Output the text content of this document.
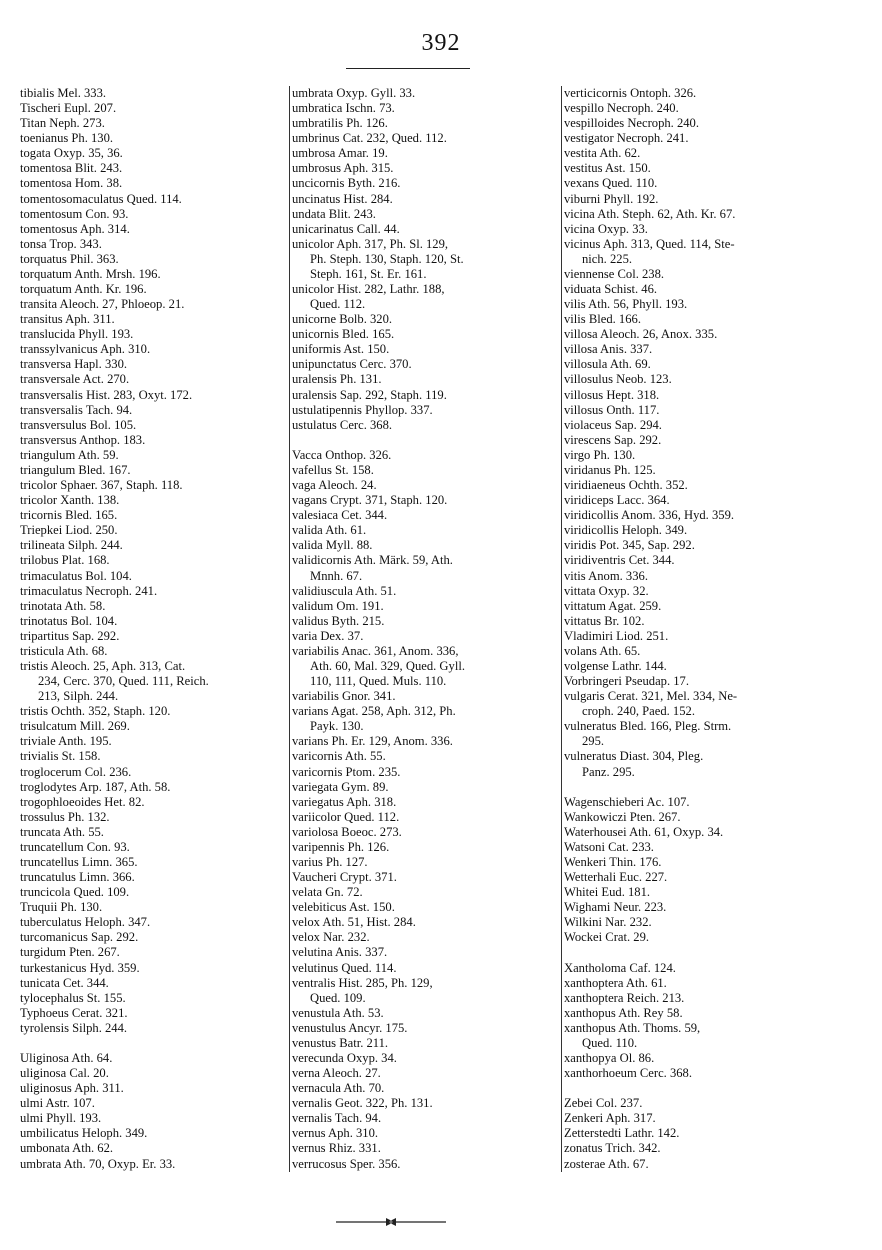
392
tibialis Mel. 333.
Tischeri Eupl. 207.
Titan Neph. 273.
toenianus Ph. 130.
togata Oxyp. 35, 36.
tomentosa Blit. 243.
tomentosa Hom. 38.
tomentosomaculatus Qued. 114.
tomentosum Con. 93.
tomentosus Aph. 314.
tonsa Trop. 343.
torquatus Phil. 363.
torquatum Anth. Mrsh. 196.
torquatum Anth. Kr. 196.
transita Aleoch. 27, Phloeop. 21.
transitus Aph. 311.
translucida Phyll. 193.
transsylvanicus Aph. 310.
transversa Hapl. 330.
transversale Act. 270.
transversalis Hist. 283, Oxyt. 172.
transversalis Tach. 94.
transversulus Bol. 105.
transversus Anthop. 183.
triangulum Ath. 59.
triangulum Bled. 167.
tricolor Sphaer. 367, Staph. 118.
tricolor Xanth. 138.
tricornis Bled. 165.
Triepkei Liod. 250.
trilineata Silph. 244.
trilobus Plat. 168.
trimaculatus Bol. 104.
trimaculatus Necroph. 241.
trinotata Ath. 58.
trinotatus Bol. 104.
tripartitus Sap. 292.
tristicula Ath. 68.
tristis Aleoch. 25, Aph. 313, Cat.
234, Cerc. 370, Qued. 111, Reich.
213, Silph. 244.
tristis Ochth. 352, Staph. 120.
trisulcatum Mill. 269.
triviale Anth. 195.
trivialis St. 158.
troglocerum Col. 236.
troglodytes Arp. 187, Ath. 58.
trogophloeoides Het. 82.
trossulus Ph. 132.
truncata Ath. 55.
truncatellum Con. 93.
truncatellus Limn. 365.
truncatulus Limn. 366.
truncicola Qued. 109.
Truquii Ph. 130.
tuberculatus Heloph. 347.
turcomanicus Sap. 292.
turgidum Pten. 267.
turkestanicus Hyd. 359.
tunicata Cet. 344.
tylocephalus St. 155.
Typhoeus Cerat. 321.
tyrolensis Silph. 244.
Uliginosa Ath. 64.
uliginosa Cal. 20.
uliginosus Aph. 311.
ulmi Astr. 107.
ulmi Phyll. 193.
umbilicatus Heloph. 349.
umbonata Ath. 62.
umbrata Ath. 70, Oxyp. Er. 33.
umbrata Oxyp. Gyll. 33.
umbratica Ischn. 73.
umbratilis Ph. 126.
umbrinus Cat. 232, Qued. 112.
umbrosa Amar. 19.
umbrosus Aph. 315.
uncicornis Byth. 216.
uncinatus Hist. 284.
undata Blit. 243.
unicarinatus Call. 44.
unicolor Aph. 317, Ph. Sl. 129,
Ph. Steph. 130, Staph. 120, St.
Steph. 161, St. Er. 161.
unicolor Hist. 282, Lathr. 188,
Qued. 112.
unicorne Bolb. 320.
unicornis Bled. 165.
uniformis Ast. 150.
unipunctatus Cerc. 370.
uralensis Ph. 131.
uralensis Sap. 292, Staph. 119.
ustulatipennis Phyllop. 337.
ustulatus Cerc. 368.
Vacca Onthop. 326.
vafellus St. 158.
vaga Aleoch. 24.
vagans Crypt. 371, Staph. 120.
valesiaca Cet. 344.
valida Ath. 61.
valida Myll. 88.
validicornis Ath. Märk. 59, Ath.
Mnnh. 67.
validiuscula Ath. 51.
validum Om. 191.
validus Byth. 215.
varia Dex. 37.
variabilis Anac. 361, Anom. 336,
Ath. 60, Mal. 329, Qued. Gyll.
110, 111, Qued. Muls. 110.
variabilis Gnor. 341.
varians Agat. 258, Aph. 312, Ph.
Payk. 130.
varians Ph. Er. 129, Anom. 336.
varicornis Ath. 55.
varicornis Ptom. 235.
variegata Gym. 89.
variegatus Aph. 318.
variicolor Qued. 112.
variolosa Boeoc. 273.
varipennis Ph. 126.
varius Ph. 127.
Vaucheri Crypt. 371.
velata Gn. 72.
velebiticus Ast. 150.
velox Ath. 51, Hist. 284.
velox Nar. 232.
velutina Anis. 337.
velutinus Qued. 114.
ventralis Hist. 285, Ph. 129,
Qued. 109.
venustula Ath. 53.
venustulus Ancyr. 175.
venustus Batr. 211.
verecunda Oxyp. 34.
verna Aleoch. 27.
vernacula Ath. 70.
vernalis Geot. 322, Ph. 131.
vernalis Tach. 94.
vernus Aph. 310.
vernus Rhiz. 331.
verrucosus Sper. 356.
verticicornis Ontoph. 326.
vespillo Necroph. 240.
vespilloides Necroph. 240.
vestigator Necroph. 241.
vestita Ath. 62.
vestitus Ast. 150.
vexans Qued. 110.
viburni Phyll. 192.
vicina Ath. Steph. 62, Ath. Kr. 67.
vicina Oxyp. 33.
vicinus Aph. 313, Qued. 114, Ste-
nich. 225.
viennense Col. 238.
viduata Schist. 46.
vilis Ath. 56, Phyll. 193.
vilis Bled. 166.
villosa Aleoch. 26, Anox. 335.
villosa Anis. 337.
villosula Ath. 69.
villosulus Neob. 123.
villosus Hept. 318.
villosus Onth. 117.
violaceus Sap. 294.
virescens Sap. 292.
virgo Ph. 130.
viridanus Ph. 125.
viridiaeneus Ochth. 352.
viridiceps Lacc. 364.
viridicollis Anom. 336, Hyd. 359.
viridicollis Heloph. 349.
viridis Pot. 345, Sap. 292.
viridiventris Cet. 344.
vitis Anom. 336.
vittata Oxyp. 32.
vittatum Agat. 259.
vittatus Br. 102.
Vladimiri Liod. 251.
volans Ath. 65.
volgense Lathr. 144.
Vorbringeri Pseudap. 17.
vulgaris Cerat. 321, Mel. 334, Ne-
croph. 240, Paed. 152.
vulneratus Bled. 166, Pleg. Strm.
295.
vulneratus Diast. 304, Pleg.
Panz. 295.
Wagenschieberi Ac. 107.
Wankowiczi Pten. 267.
Waterhousei Ath. 61, Oxyp. 34.
Watsoni Cat. 233.
Wenkeri Thin. 176.
Wetterhali Euc. 227.
Whitei Eud. 181.
Wighami Neur. 223.
Wilkini Nar. 232.
Wockei Crat. 29.
Xantholoma Caf. 124.
xanthoptera Ath. 61.
xanthoptera Reich. 213.
xanthopus Ath. Rey 58.
xanthopus Ath. Thoms. 59,
Qued. 110.
xanthopya Ol. 86.
xanthorhoeum Cerc. 368.
Zebei Col. 237.
Zenkeri Aph. 317.
Zetterstedti Lathr. 142.
zonatus Trich. 342.
zosterae Ath. 67.
